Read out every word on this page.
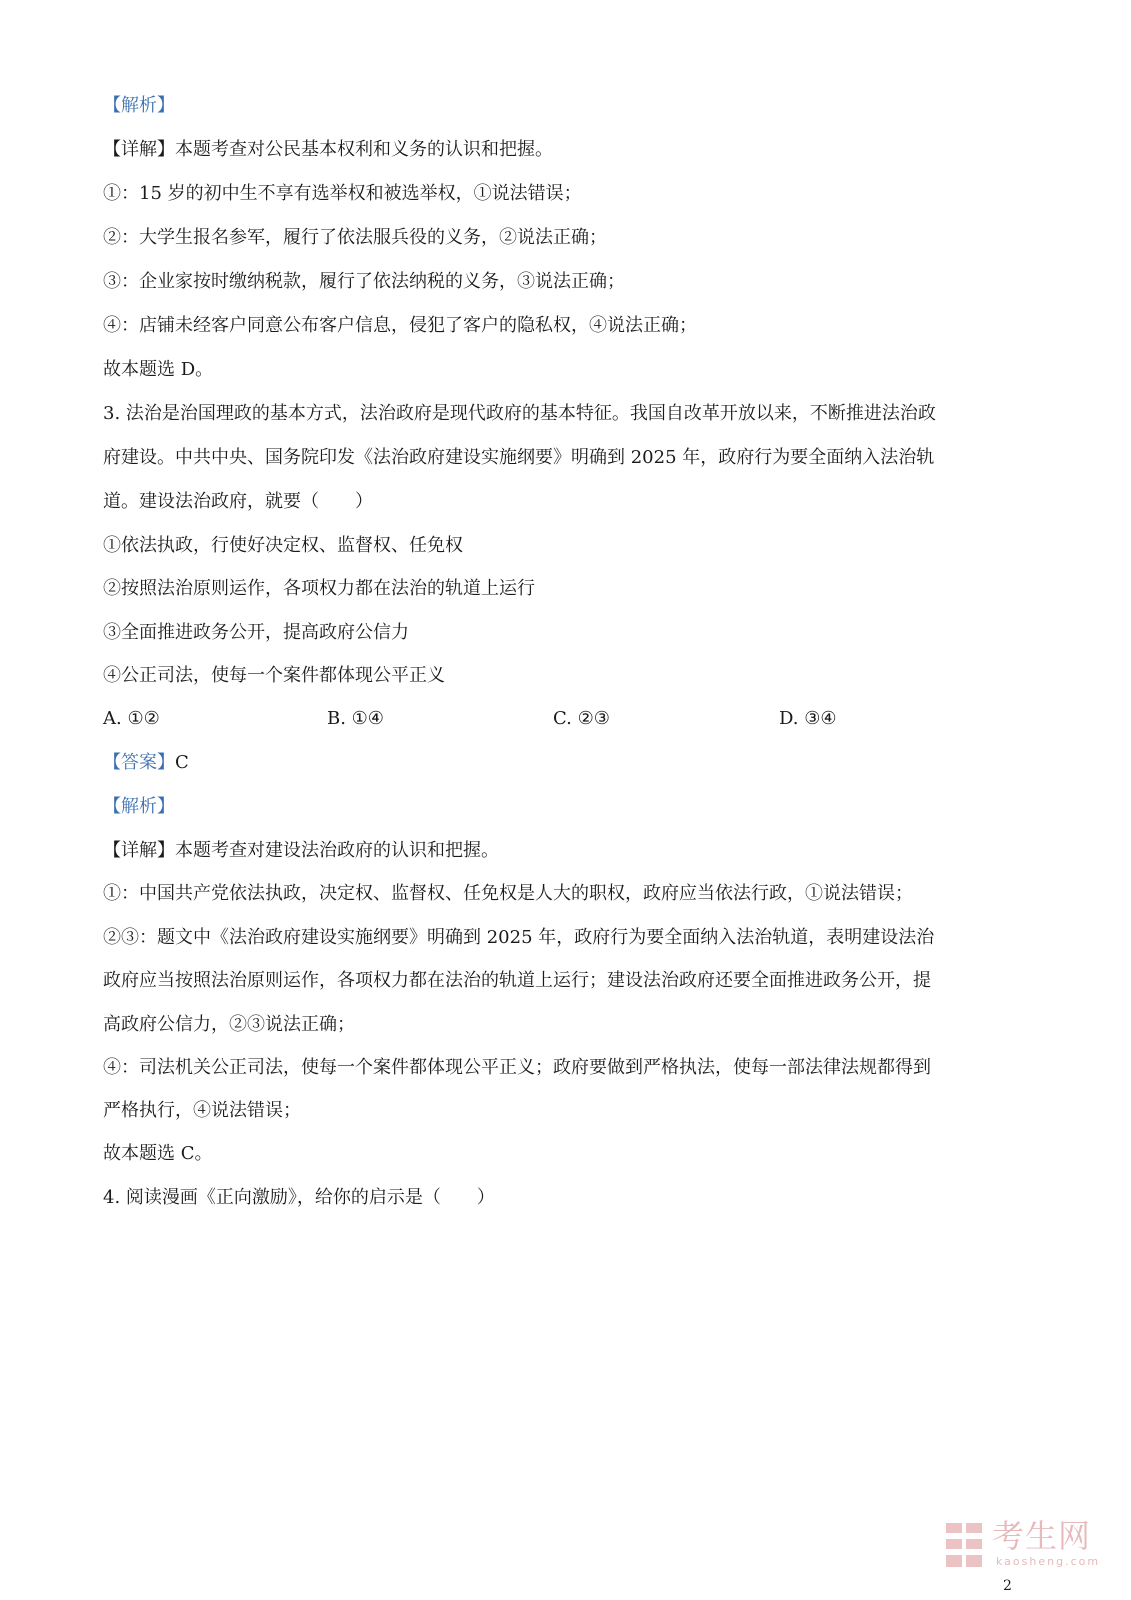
【解析】
【详解】本题考查对公民基本权利和义务的认识和把握。
①：15 岁的初中生不享有选举权和被选举权，①说法错误；
②：大学生报名参军，履行了依法服兵役的义务，②说法正确；
③：企业家按时缴纳税款，履行了依法纳税的义务，③说法正确；
④：店铺未经客户同意公布客户信息，侵犯了客户的隐私权，④说法正确；
故本题选 D。
3. 法治是治国理政的基本方式，法治政府是现代政府的基本特征。我国自改革开放以来，不断推进法治政
府建设。中共中央、国务院印发《法治政府建设实施纲要》明确到 2025 年，政府行为要全面纳入法治轨
道。建设法治政府，就要（　　）
①依法执政，行使好决定权、监督权、任免权
②按照法治原则运作，各项权力都在法治的轨道上运行
③全面推进政务公开，提高政府公信力
④公正司法，使每一个案件都体现公平正义
A. ①②	B. ①④	C. ②③	D. ③④
【答案】C
【解析】
【详解】本题考查对建设法治政府的认识和把握。
①：中国共产党依法执政，决定权、监督权、任免权是人大的职权，政府应当依法行政，①说法错误；
②③：题文中《法治政府建设实施纲要》明确到 2025 年，政府行为要全面纳入法治轨道，表明建设法治
政府应当按照法治原则运作，各项权力都在法治的轨道上运行；建设法治政府还要全面推进政务公开，提
高政府公信力，②③说法正确；
④：司法机关公正司法，使每一个案件都体现公平正义；政府要做到严格执法，使每一部法律法规都得到
严格执行，④说法错误；
故本题选 C。
4. 阅读漫画《正向激励》，给你的启示是（　　）
考生网
kaosheng.com
2
